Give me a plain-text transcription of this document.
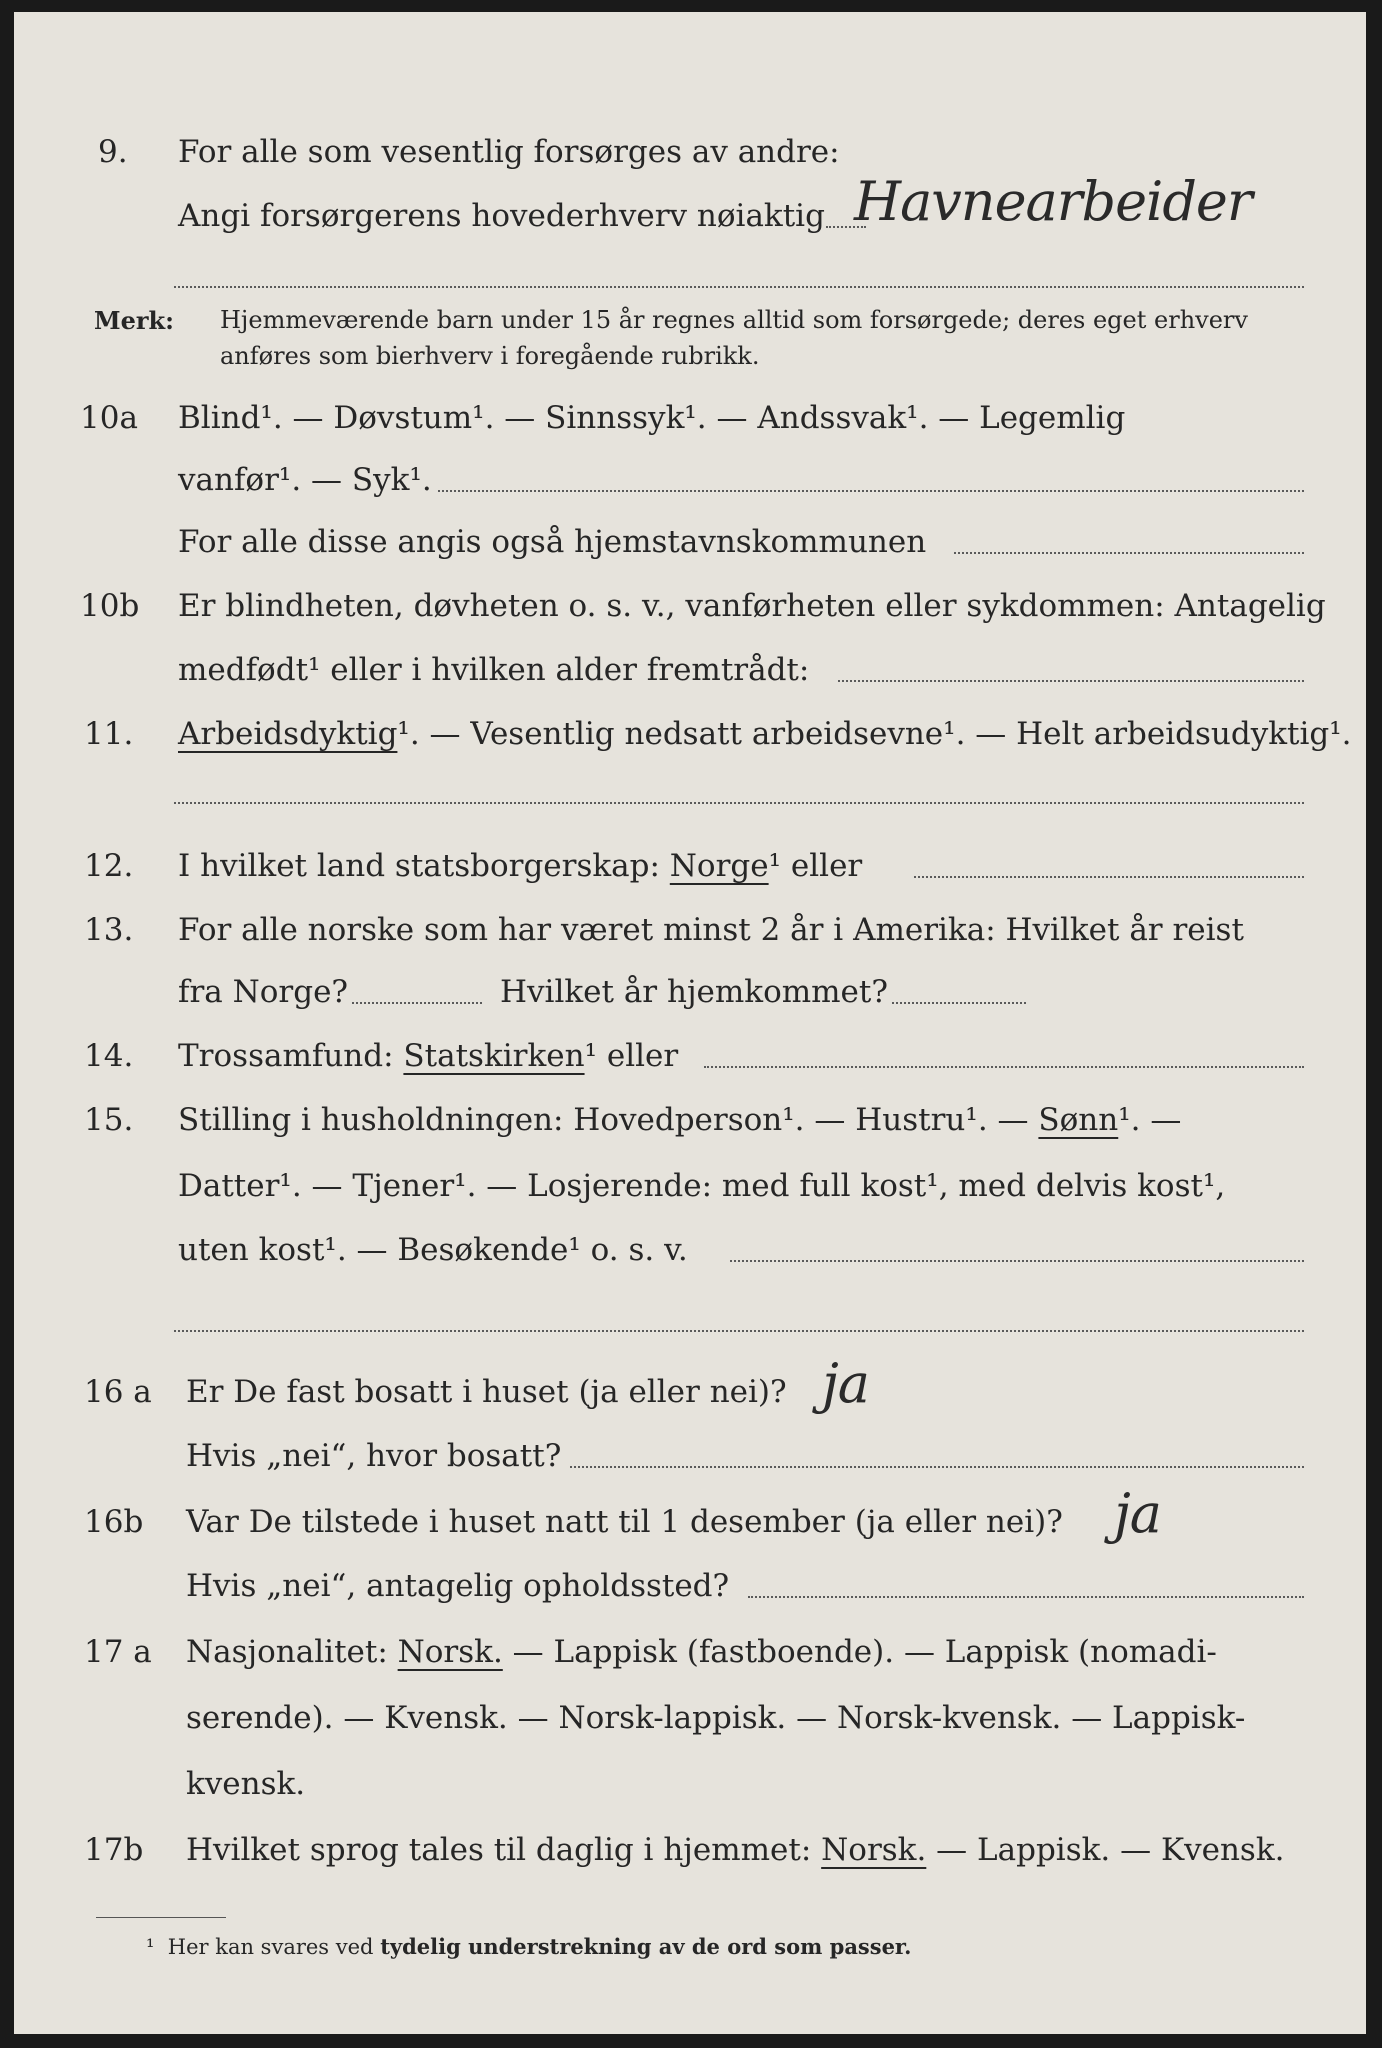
9. For alle som vesentlig forsørges av andre:
Angi forsørgerens hovederhverv nøiaktig Havnearbeider
Merk: Hjemmeværende barn under 15 år regnes alltid som forsørgede; deres eget erhverv
anføres som bierhverv i foregående rubrikk.
10a Blind¹. — Døvstum¹. — Sinnssyk¹. — Andssvak¹. — Legemlig
vanfør¹. — Syk¹.
For alle disse angis også hjemstavnskommunen
10b Er blindheten, døvheten o. s. v., vanførheten eller sykdommen: Antagelig
medfødt¹ eller i hvilken alder fremtrådt:
11. Arbeidsdyktig¹. — Vesentlig nedsatt arbeidsevne¹. — Helt arbeidsudyktig¹.
12. I hvilket land statsborgerskap: Norge¹ eller
13. For alle norske som har været minst 2 år i Amerika: Hvilket år reist
fra Norge?	Hvilket år hjemkommet?
14. Trossamfund: Statskirken¹ eller
15. Stilling i husholdningen: Hovedperson¹. — Hustru¹. — Sønn¹. —
Datter¹. — Tjener¹. — Losjerende: med full kost¹, med delvis kost¹,
uten kost¹. — Besøkende¹ o. s. v.
16 a Er De fast bosatt i huset (ja eller nei)? ja
Hvis „nei“, hvor bosatt?
16b Var De tilstede i huset natt til 1 desember (ja eller nei)? ja
Hvis „nei“, antagelig opholdssted?
17 a Nasjonalitet: Norsk. — Lappisk (fastboende). — Lappisk (nomadi-
serende). — Kvensk. — Norsk-lappisk. — Norsk-kvensk. — Lappisk-
kvensk.
17b Hvilket sprog tales til daglig i hjemmet: Norsk. — Lappisk. — Kvensk.
¹ Her kan svares ved tydelig understrekning av de ord som passer.
